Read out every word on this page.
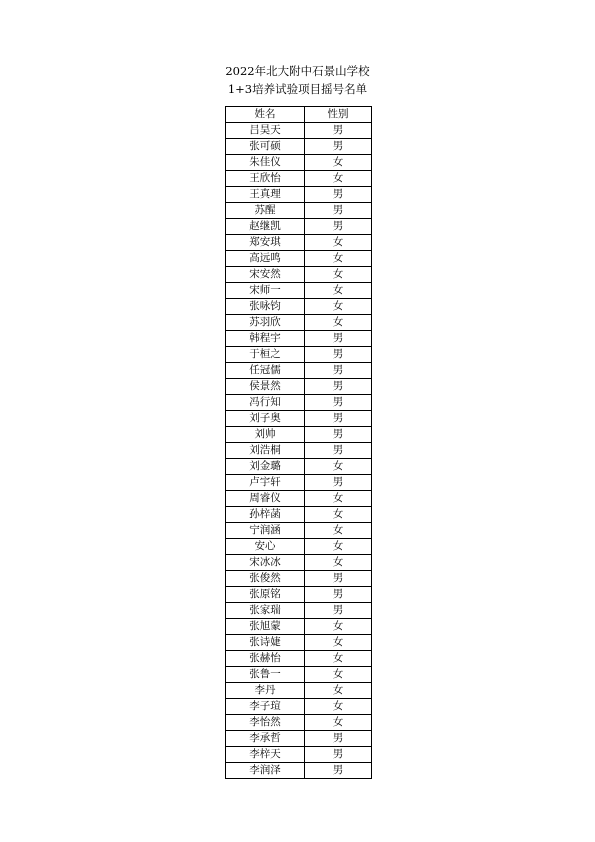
2022年北大附中石景山学校
1+3培养试验项目摇号名单
姓名	性别
吕昊天	男
张可硕	男
朱佳仪	女
王欣怡	女
王真理	男
苏醒	男
赵继凯	男
郑安琪	女
高远鸣	女
宋安然	女
宋师一	女
张咏钧	女
苏羽欣	女
韩程宇	男
于桓之	男
任冠儒	男
侯景然	男
冯行知	男
刘子奥	男
刘帅	男
刘浩桐	男
刘金璐	女
卢宇轩	男
周睿仪	女
孙梓菡	女
宁润涵	女
安心	女
宋冰冰	女
张俊然	男
张原铭	男
张家瑞	男
张旭蒙	女
张诗婕	女
张赫怡	女
张鲁一	女
李丹	女
李子瑄	女
李怡然	女
李承哲	男
李梓天	男
李润泽	男
